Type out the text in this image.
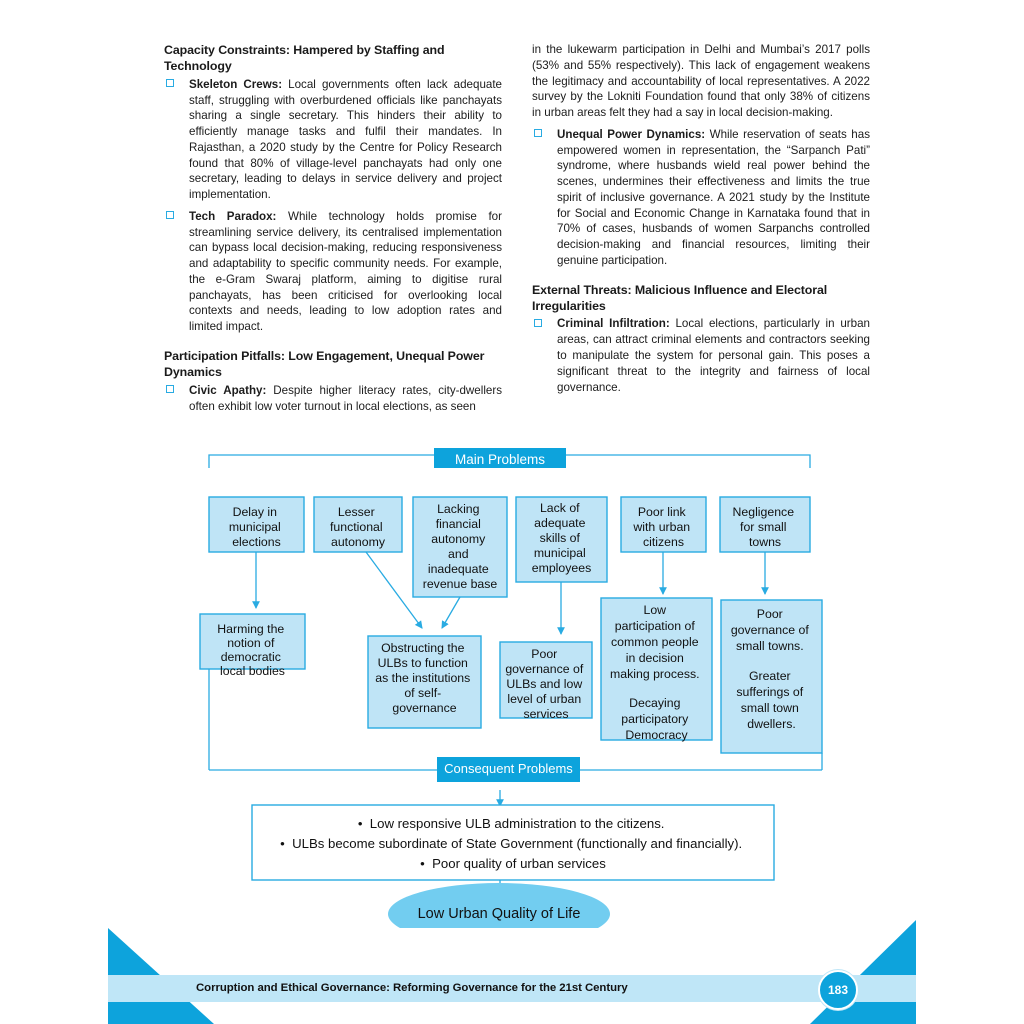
Capacity Constraints: Hampered by Staffing and Technology
Skeleton Crews: Local governments often lack adequate staff, struggling with overburdened officials like panchayats sharing a single secretary. This hinders their ability to efficiently manage tasks and fulfil their mandates. In Rajasthan, a 2020 study by the Centre for Policy Research found that 80% of village-level panchayats had only one secretary, leading to delays in service delivery and project implementation.
Tech Paradox: While technology holds promise for streamlining service delivery, its centralised implementation can bypass local decision-making, reducing responsiveness and adaptability to specific community needs. For example, the e-Gram Swaraj platform, aiming to digitise rural panchayats, has been criticised for overlooking local contexts and needs, leading to low adoption rates and limited impact.
Participation Pitfalls: Low Engagement, Unequal Power Dynamics
Civic Apathy: Despite higher literacy rates, city-dwellers often exhibit low voter turnout in local elections, as seen

in the lukewarm participation in Delhi and Mumbai’s 2017 polls (53% and 55% respectively). This lack of engagement weakens the legitimacy and accountability of local representatives. A 2022 survey by the Lokniti Foundation found that only 38% of citizens in urban areas felt they had a say in local decision-making.

Unequal Power Dynamics: While reservation of seats has empowered women in representation, the “Sarpanch Pati” syndrome, where husbands wield real power behind the scenes, undermines their effectiveness and limits the true spirit of inclusive governance. A 2021 study by the Institute for Social and Economic Change in Karnataka found that in 70% of cases, husbands of women Sarpanchs controlled decision-making and financial resources, limiting their genuine participation.
External Threats: Malicious Influence and Electoral Irregularities
Criminal Infiltration: Local elections, particularly in urban areas, can attract criminal elements and contractors seeking to manipulate the system for personal gain. This poses a significant threat to the integrity and fairness of local governance.
Main Problems
Delay in municipal elections
Lesser functional autonomy
Lacking financial autonomy and inadequate revenue base
Lack of adequate skills of municipal employees
Poor link with urban citizens
Negligence for small towns
Harming the notion of democratic local bodies
Obstructing the ULBs to function as the institutions of self- governance
Poor governance of ULBs and low level of urban services
Low participation of common people in decision making process. Decaying participatory Democracy
Poor governance of small towns. Greater sufferings of small town dwellers.
Consequent Problems
•  Low responsive ULB administration to the citizens. •  ULBs become subordinate of State Government (functionally and financially). •  Poor quality of urban services
Low Urban Quality of Life
Corruption and Ethical Governance: Reforming Governance for the 21st Century	183
